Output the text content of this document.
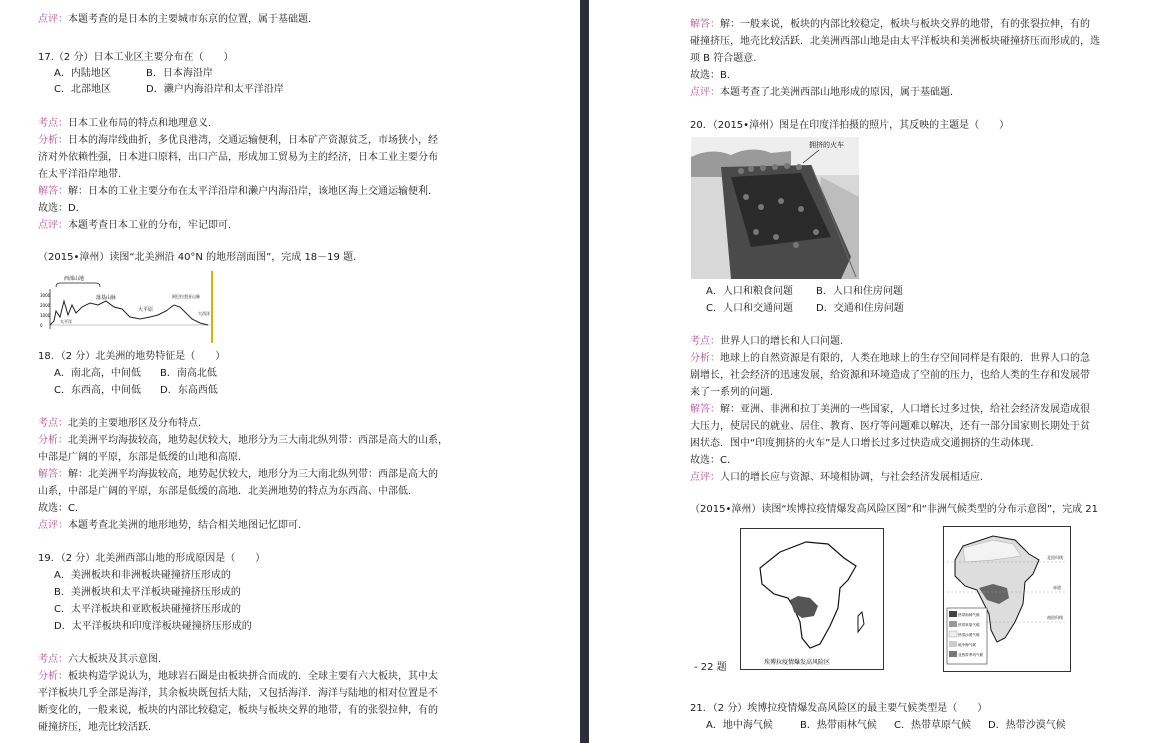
点评：本题考查的是日本的主要城市东京的位置，属于基础题.
17.（2 分）日本工业区主要分布在（　　）
A．内陆地区	B．日本海沿岸
C．北部地区	D．濑户内海沿岸和太平洋沿岸
考点：日本工业布局的特点和地理意义.
分析：日本的海岸线曲折，多优良港湾，交通运输便利，日本矿产资源贫乏，市场狭小，经
济对外依赖性强，日本进口原料，出口产品，形成加工贸易为主的经济，日本工业主要分布
在太平洋沿岸地带.
解答：解：日本的工业主要分布在太平洋沿岸和濑户内海沿岸，该地区海上交通运输便利．
故选：D．
点评：本题考查日本工业的分布，牢记即可.
（2015•漳州）读图“北美洲沿 40°N 的地形剖面图”，完成 18－19 题.
3000
2000
1000
0
西部山地
落基山脉
太平洋
大平原
阿巴拉契亚山脉
大西洋
18．（2 分）北美洲的地势特征是（　　）
A．南北高，中间低 B．南高北低
C．东西高，中间低 D．东高西低
考点：北美的主要地形区及分布特点.
分析：北美洲平均海拔较高，地势起伏较大，地形分为三大南北纵列带：西部是高大的山系，
中部是广阔的平原，东部是低缓的山地和高原.
解答：解：北美洲平均海拔较高，地势起伏较大，地形分为三大南北纵列带：西部是高大的
山系，中部是广阔的平原，东部是低缓的高地．北美洲地势的特点为东西高、中部低．
故选：C．
点评：本题考查北美洲的地形地势，结合相关地图记忆即可.
19．（2 分）北美洲西部山地的形成原因是（　　）
A．美洲板块和非洲板块碰撞挤压形成的
B．美洲板块和太平洋板块碰撞挤压形成的
C．太平洋板块和亚欧板块碰撞挤压形成的
D．太平洋板块和印度洋板块碰撞挤压形成的
考点：六大板块及其示意图.
分析：板块构造学说认为，地球岩石圈是由板块拼合而成的．全球主要有六大板块，其中太
平洋板块几乎全部是海洋，其余板块既包括大陆，又包括海洋．海洋与陆地的相对位置是不
断变化的，一般来说，板块的内部比较稳定，板块与板块交界的地带，有的张裂拉伸，有的
碰撞挤压，地壳比较活跃.
解答：解：一般来说，板块的内部比较稳定，板块与板块交界的地带，有的张裂拉伸，有的
碰撞挤压，地壳比较活跃．北美洲西部山地是由太平洋板块和美洲板块碰撞挤压而形成的，选
项 B 符合题意.
故选：B．
点评：本题考查了北美洲西部山地形成的原因，属于基础题.
20．（2015•漳州）图是在印度洋拍摄的照片，其反映的主题是（　　）
拥挤的火车
A．人口和粮食问题 B．人口和住房问题
C．人口和交通问题 D．交通和住房问题
考点：世界人口的增长和人口问题.
分析：地球上的自然资源是有限的，人类在地球上的生存空间同样是有限的．世界人口的急
剧增长，社会经济的迅速发展，给资源和环境造成了空前的压力，也给人类的生存和发展带
来了一系列的问题.
解答：解：亚洲、非洲和拉丁美洲的一些国家，人口增长过多过快，给社会经济发展造成很
大压力，使居民的就业、居住、教育、医疗等问题难以解决，还有一部分国家则长期处于贫
困状态．图中“印度拥挤的火车”是人口增长过多过快造成交通拥挤的生动体现．
故选：C．
点评：人口的增长应与资源、环境相协调，与社会经济发展相适应.
（2015•漳州）读图“埃博拉疫情爆发高风险区图”和“非洲气候类型的分布示意图”，完成 21
埃博拉疫情爆发高风险区
北回归线
赤道
南回归线
热带雨林气候
热带草原气候
热带沙漠气候
地中海气候
亚热带季风气候
- 22 题
21．（2 分）埃博拉疫情爆发高风险区的最主要气候类型是（　　）
A．地中海气候	B．热带雨林气候 C．热带草原气候 D．热带沙漠气候
